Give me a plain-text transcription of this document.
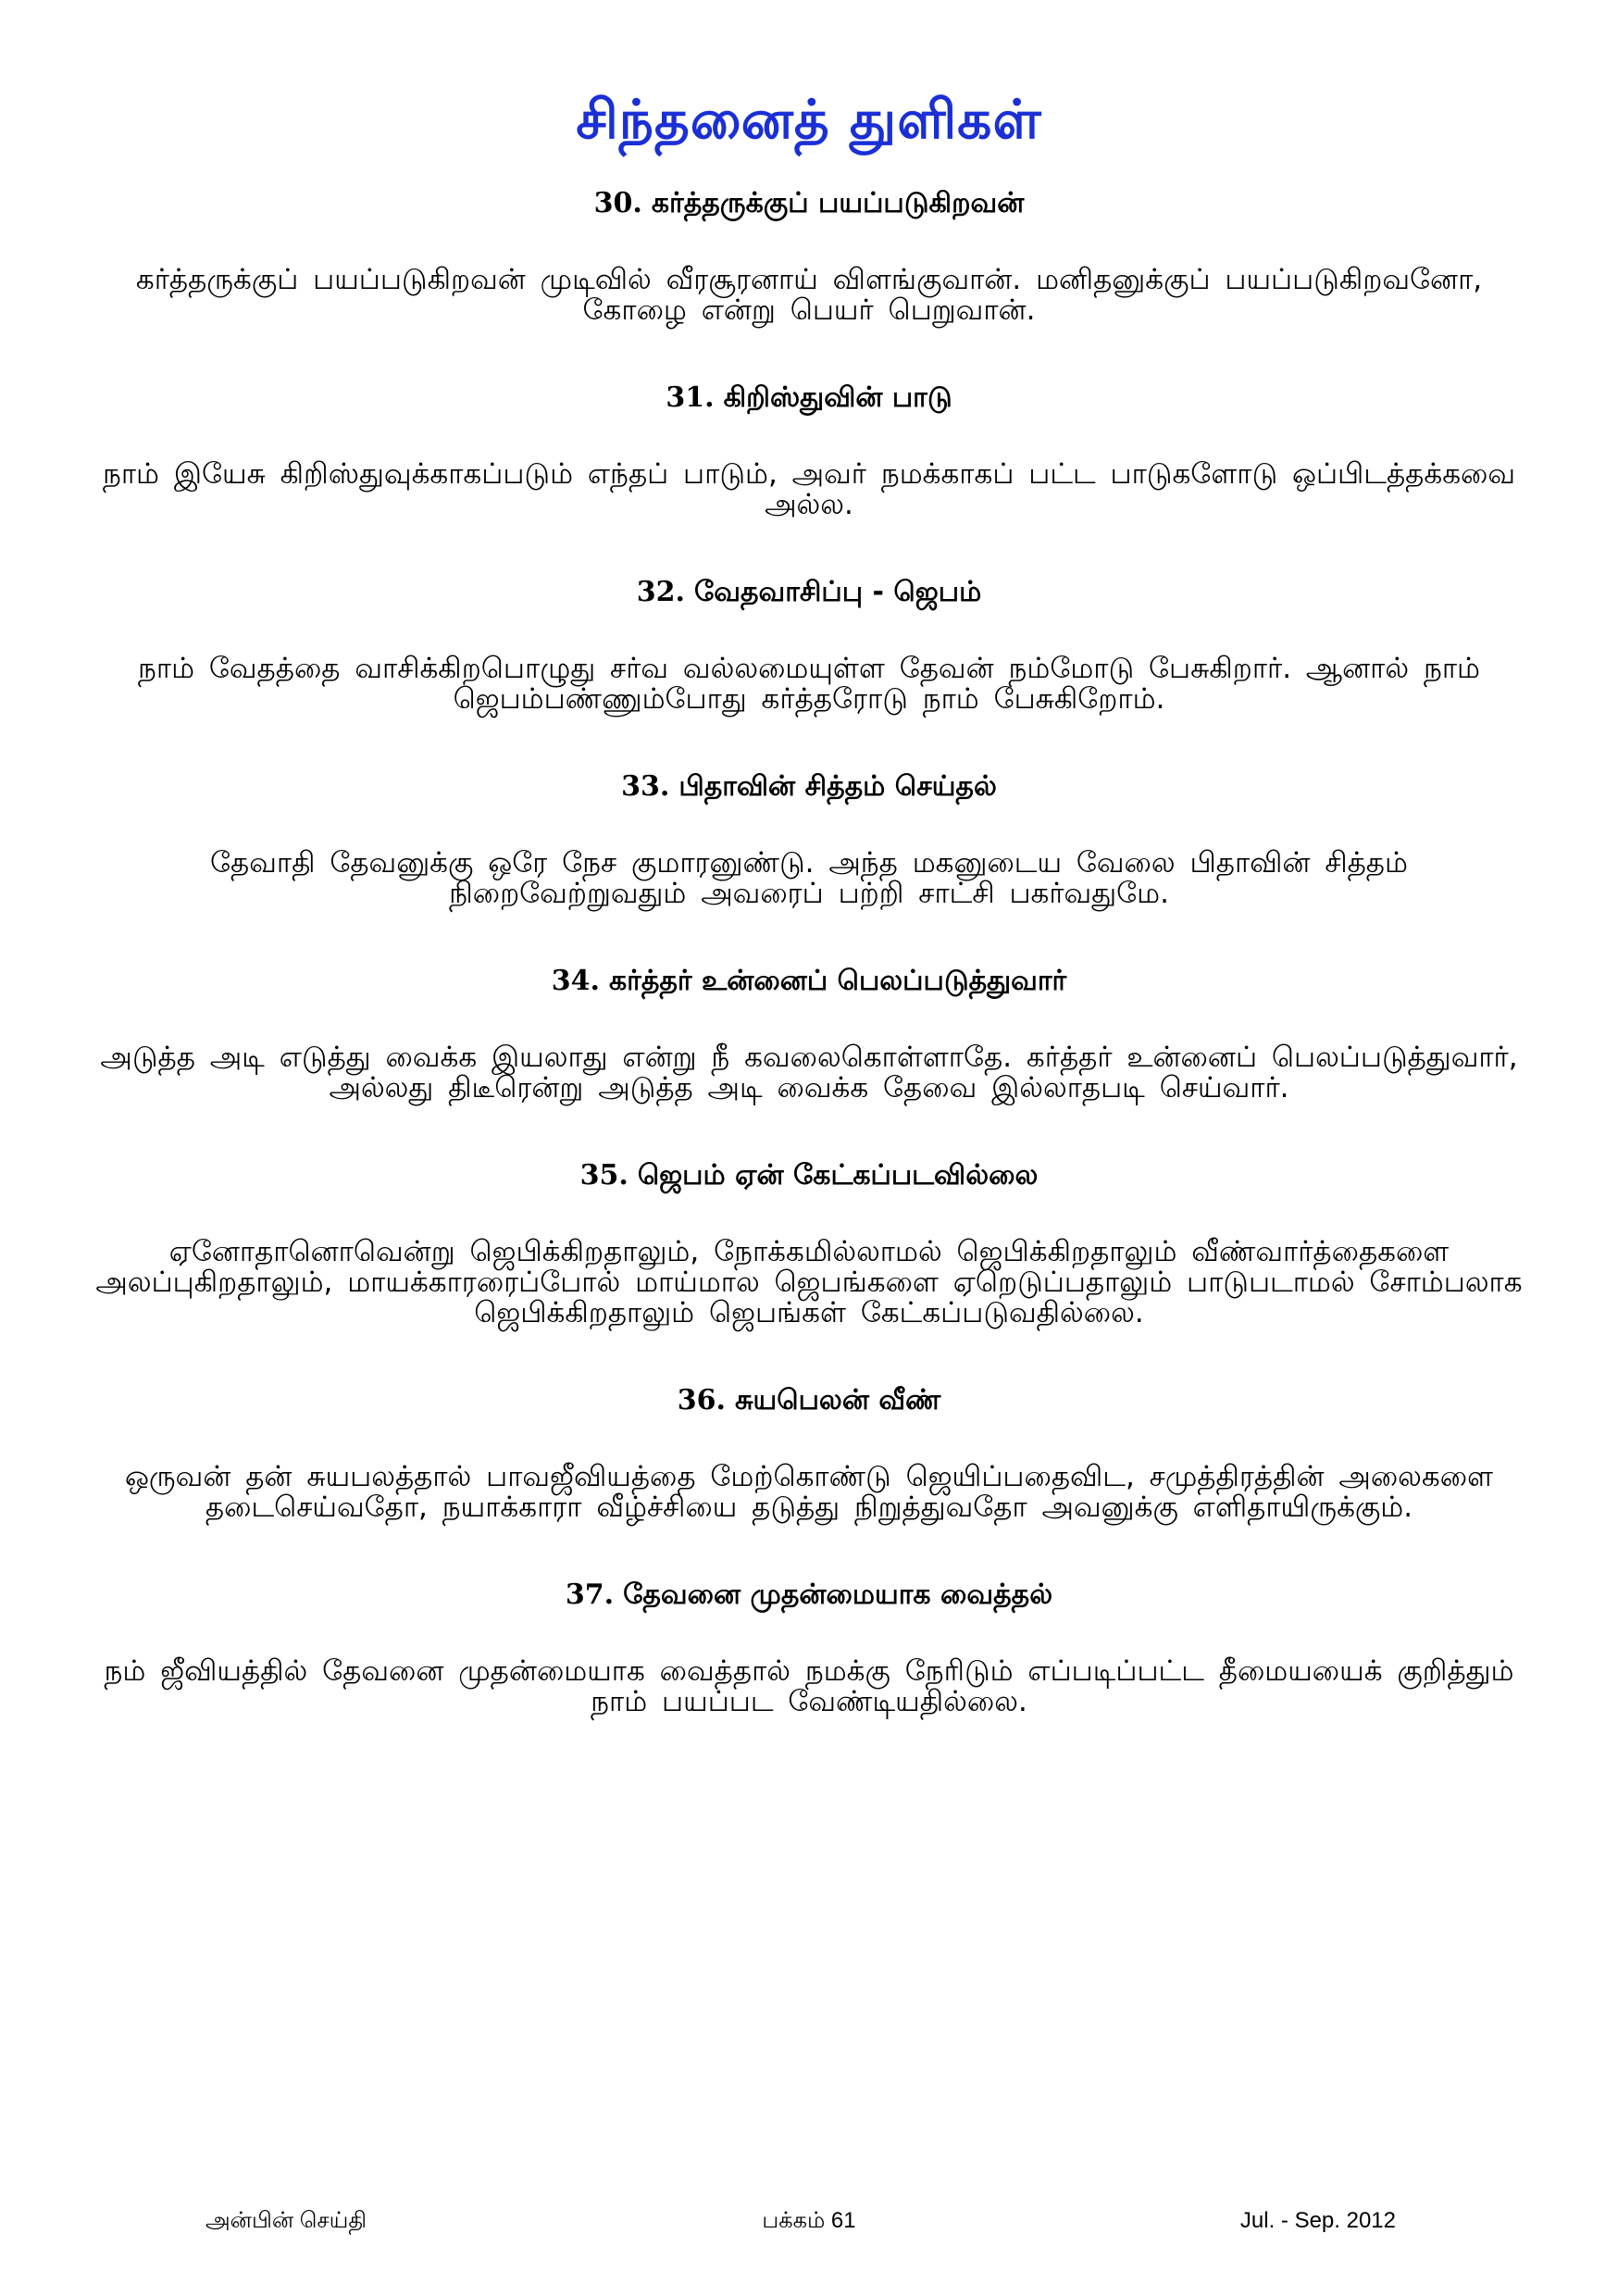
சிந்தனைத் துளிகள்
30. கர்த்தருக்குப் பயப்படுகிறவன்

கர்த்தருக்குப் பயப்படுகிறவன் முடிவில் வீரசூரனாய் விளங்குவான். மனிதனுக்குப் பயப்படுகிறவனோ, கோழை என்று பெயர் பெறுவான்.

31. கிறிஸ்துவின் பாடு

நாம் இயேசு கிறிஸ்துவுக்காகப்படும் எந்தப் பாடும், அவர் நமக்காகப் பட்ட பாடுகளோடு ஒப்பிடத்தக்கவை அல்ல.

32. வேதவாசிப்பு - ஜெபம்

நாம் வேதத்தை வாசிக்கிறபொழுது சர்வ வல்லமையுள்ள தேவன் நம்மோடு பேசுகிறார். ஆனால் நாம் ஜெபம்பண்ணும்போது கர்த்தரோடு நாம் பேசுகிறோம்.

33. பிதாவின் சித்தம் செய்தல்

தேவாதி தேவனுக்கு ஒரே நேச குமாரனுண்டு. அந்த மகனுடைய வேலை பிதாவின் சித்தம் நிறைவேற்றுவதும் அவரைப் பற்றி சாட்சி பகர்வதுமே.

34. கர்த்தர் உன்னைப் பெலப்படுத்துவார்

அடுத்த அடி எடுத்து வைக்க இயலாது என்று நீ கவலைகொள்ளாதே. கர்த்தர் உன்னைப் பெலப்படுத்துவார், அல்லது திடீரென்று அடுத்த அடி வைக்க தேவை இல்லாதபடி செய்வார்.

35. ஜெபம் ஏன் கேட்கப்படவில்லை

ஏனோதானொவென்று ஜெபிக்கிறதாலும், நோக்கமில்லாமல் ஜெபிக்கிறதாலும் வீண்வார்த்தைகளை அலப்புகிறதாலும், மாயக்காரரைப்போல் மாய்மால ஜெபங்களை ஏறெடுப்பதாலும் பாடுபடாமல் சோம்பலாக ஜெபிக்கிறதாலும் ஜெபங்கள் கேட்கப்படுவதில்லை.

36. சுயபெலன் வீண்

ஒருவன் தன் சுயபலத்தால் பாவஜீவியத்தை மேற்கொண்டு ஜெயிப்பதைவிட, சமுத்திரத்தின் அலைகளை தடைசெய்வதோ, நயாக்காரா வீழ்ச்சியை தடுத்து நிறுத்துவதோ அவனுக்கு எளிதாயிருக்கும்.

37. தேவனை முதன்மையாக வைத்தல்

நம் ஜீவியத்தில் தேவனை முதன்மையாக வைத்தால் நமக்கு நேரிடும் எப்படிப்பட்ட தீமையயைக் குறித்தும் நாம் பயப்பட வேண்டியதில்லை.

அன்பின் செய்தி	பக்கம் 61	Jul. - Sep. 2012
